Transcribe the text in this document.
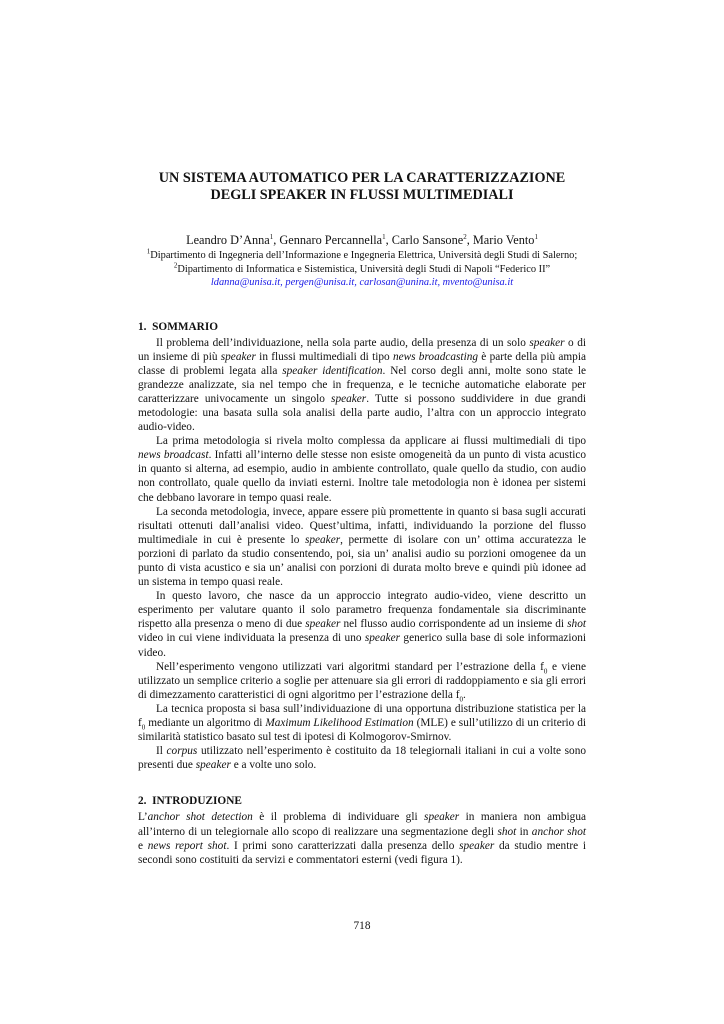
UN SISTEMA AUTOMATICO PER LA CARATTERIZZAZIONE
DEGLI SPEAKER IN FLUSSI MULTIMEDIALI
Leandro D’Anna$^1$, Gennaro Percannella$^1$, Carlo Sansone$^2$, Mario Vento$^1$
$^1$Dipartimento di Ingegneria dell’Informazione e Ingegneria Elettrica, Università degli Studi di Salerno; $^2$Dipartimento di Informatica e Sistemistica, Università degli Studi di Napoli “Federico II”
ldanna@unisa.it, pergen@unisa.it, carlosan@unina.it, mvento@unisa.it
1.  SOMMARIO

Il problema dell’individuazione, nella sola parte audio, della presenza di un solo speaker o di un insieme di più speaker in flussi multimediali di tipo news broadcasting è parte della più ampia classe di problemi legata alla speaker identification. Nel corso degli anni, molte sono state le grandezze analizzate, sia nel tempo che in frequenza, e le tecniche automatiche elaborate per caratterizzare univocamente un singolo speaker. Tutte si possono suddividere in due grandi metodologie: una basata sulla sola analisi della parte audio, l’altra con un approccio integrato audio-video.

La prima metodologia si rivela molto complessa da applicare ai flussi multimediali di tipo news broadcast. Infatti all’interno delle stesse non esiste omogeneità da un punto di vista acustico in quanto si alterna, ad esempio, audio in ambiente controllato, quale quello da studio, con audio non controllato, quale quello da inviati esterni. Inoltre tale metodologia non è idonea per sistemi che debbano lavorare in tempo quasi reale.

La seconda metodologia, invece, appare essere più promettente in quanto si basa sugli accurati risultati ottenuti dall’analisi video. Quest’ultima, infatti, individuando la porzione del flusso multimediale in cui è presente lo speaker, permette di isolare con un’ ottima accuratezza le porzioni di parlato da studio consentendo, poi, sia un’ analisi audio su porzioni omogenee da un punto di vista acustico e sia un’ analisi con porzioni di durata molto breve e quindi più idonee ad un sistema in tempo quasi reale.

In questo lavoro, che nasce da un approccio integrato audio-video, viene descritto un esperimento per valutare quanto il solo parametro frequenza fondamentale sia discriminante rispetto alla presenza o meno di due speaker nel flusso audio corrispondente ad un insieme di shot video in cui viene individuata la presenza di uno speaker generico sulla base di sole informazioni video.

Nell’esperimento vengono utilizzati vari algoritmi standard per l’estrazione della $f_0$ e viene utilizzato un semplice criterio a soglie per attenuare sia gli errori di raddoppiamento e sia gli errori di dimezzamento caratteristici di ogni algoritmo per l’estrazione della $f_0$.

La tecnica proposta si basa sull’individuazione di una opportuna distribuzione statistica per la $f_0$ mediante un algoritmo di Maximum Likelihood Estimation (MLE) e sull’utilizzo di un criterio di similarità statistico basato sul test di ipotesi di Kolmogorov-Smirnov.

Il corpus utilizzato nell’esperimento è costituito da 18 telegiornali italiani in cui a volte sono presenti due speaker e a volte uno solo.

2.  INTRODUZIONE

L’anchor shot detection è il problema di individuare gli speaker in maniera non ambigua all’interno di un telegiornale allo scopo di realizzare una segmentazione degli shot in anchor shot e news report shot. I primi sono caratterizzati dalla presenza dello speaker da studio mentre i secondi sono costituiti da servizi e commentatori esterni (vedi figura 1).

718
